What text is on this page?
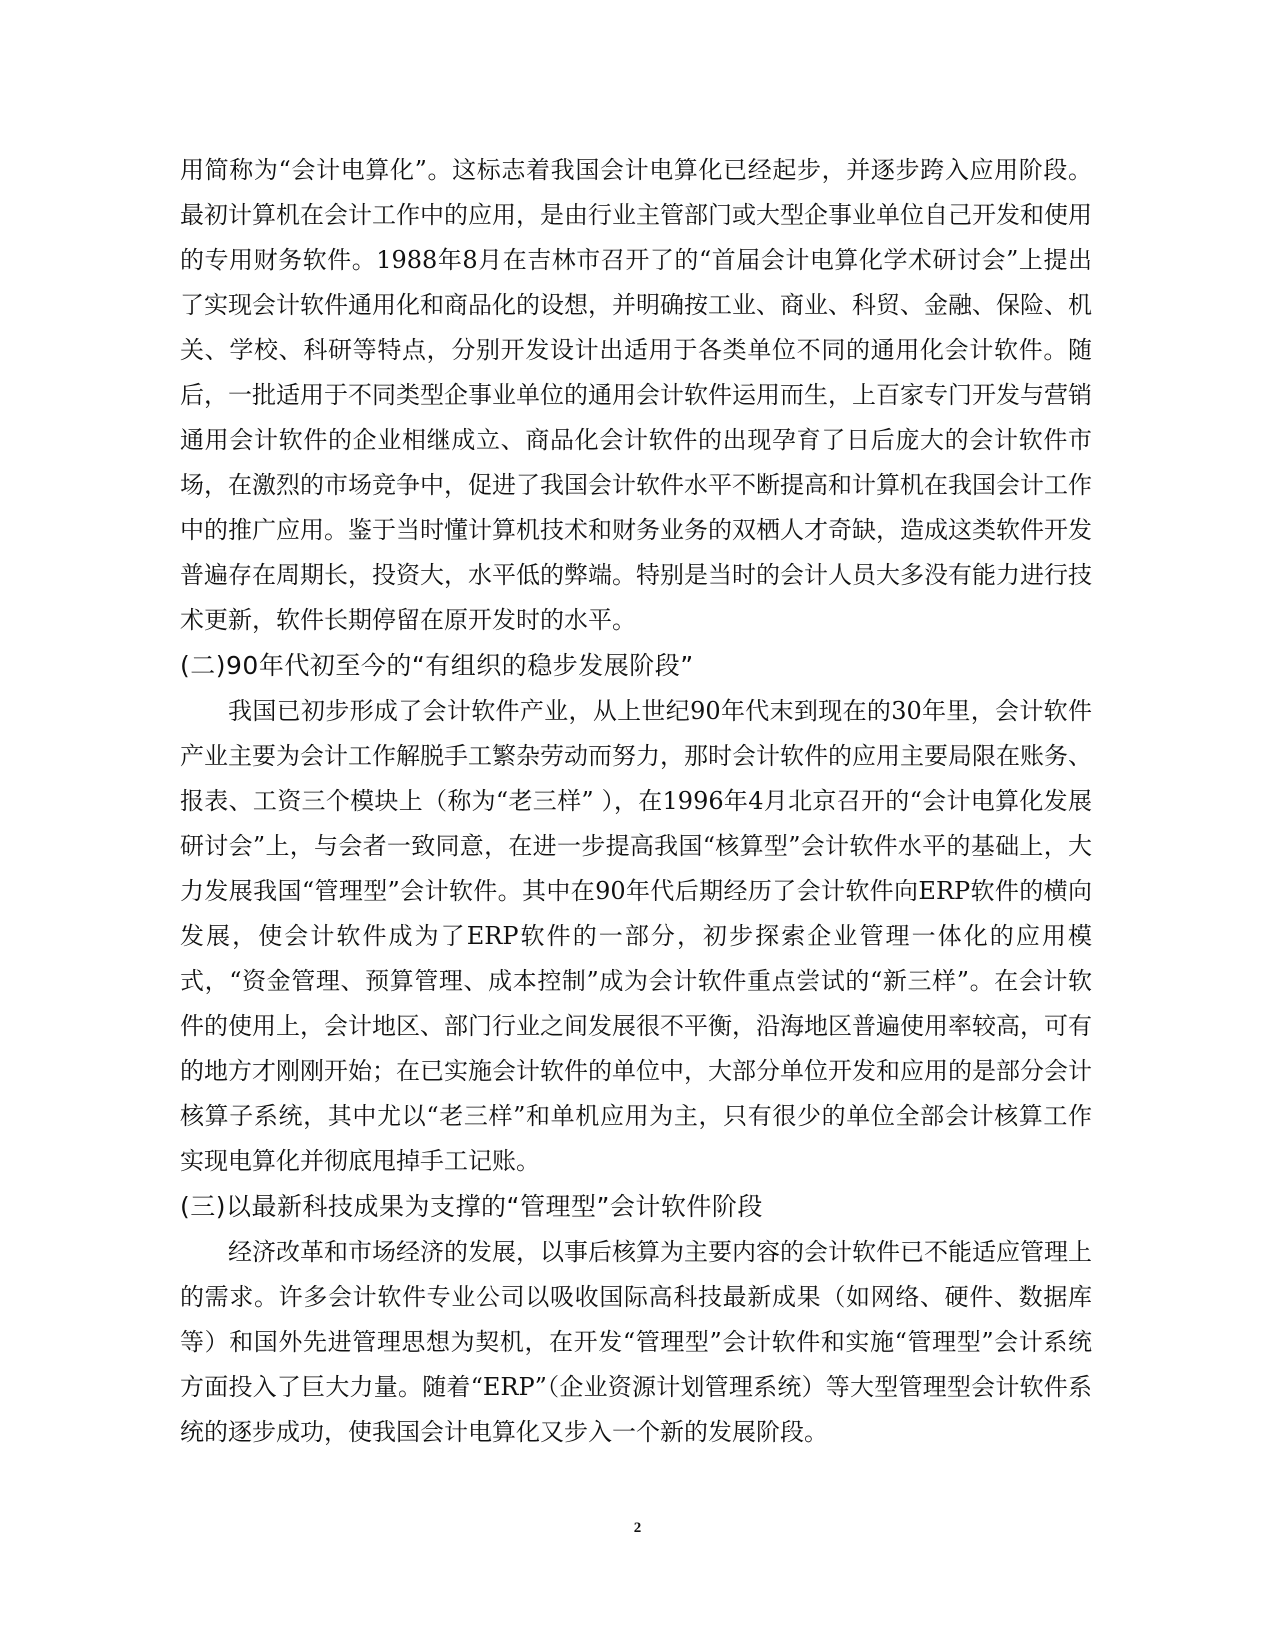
用简称为“会计电算化”。这标志着我国会计电算化已经起步，并逐步跨入应用阶段。最初计算机在会计工作中的应用，是由行业主管部门或大型企事业单位自己开发和使用的专用财务软件。1988年8月在吉林市召开了的“首届会计电算化学术研讨会”上提出了实现会计软件通用化和商品化的设想，并明确按工业、商业、科贸、金融、保险、机关、学校、科研等特点，分别开发设计出适用于各类单位不同的通用化会计软件。随后，一批适用于不同类型企事业单位的通用会计软件运用而生，上百家专门开发与营销通用会计软件的企业相继成立、商品化会计软件的出现孕育了日后庞大的会计软件市场，在激烈的市场竞争中，促进了我国会计软件水平不断提高和计算机在我国会计工作中的推广应用。鉴于当时懂计算机技术和财务业务的双栖人才奇缺，造成这类软件开发普遍存在周期长，投资大，水平低的弊端。特别是当时的会计人员大多没有能力进行技术更新，软件长期停留在原开发时的水平。

(二)90年代初至今的“有组织的稳步发展阶段”

我国已初步形成了会计软件产业，从上世纪90年代末到现在的30年里，会计软件产业主要为会计工作解脱手工繁杂劳动而努力，那时会计软件的应用主要局限在账务、报表、工资三个模块上（称为“老三样” ），在1996年4月北京召开的“会计电算化发展研讨会”上，与会者一致同意，在进一步提高我国“核算型”会计软件水平的基础上，大力发展我国“管理型”会计软件。其中在90年代后期经历了会计软件向ERP软件的横向发展，使会计软件成为了ERP软件的一部分，初步探索企业管理一体化的应用模式，“资金管理、预算管理、成本控制”成为会计软件重点尝试的“新三样”。在会计软件的使用上，会计地区、部门行业之间发展很不平衡，沿海地区普遍使用率较高，可有的地方才刚刚开始；在已实施会计软件的单位中，大部分单位开发和应用的是部分会计核算子系统，其中尤以“老三样”和单机应用为主，只有很少的单位全部会计核算工作实现电算化并彻底甩掉手工记账。

(三)以最新科技成果为支撑的“管理型”会计软件阶段

经济改革和市场经济的发展，以事后核算为主要内容的会计软件已不能适应管理上的需求。许多会计软件专业公司以吸收国际高科技最新成果（如网络、硬件、数据库等）和国外先进管理思想为契机，在开发“管理型”会计软件和实施“管理型”会计系统方面投入了巨大力量。随着“ERP”（企业资源计划管理系统）等大型管理型会计软件系统的逐步成功，使我国会计电算化又步入一个新的发展阶段。

2
